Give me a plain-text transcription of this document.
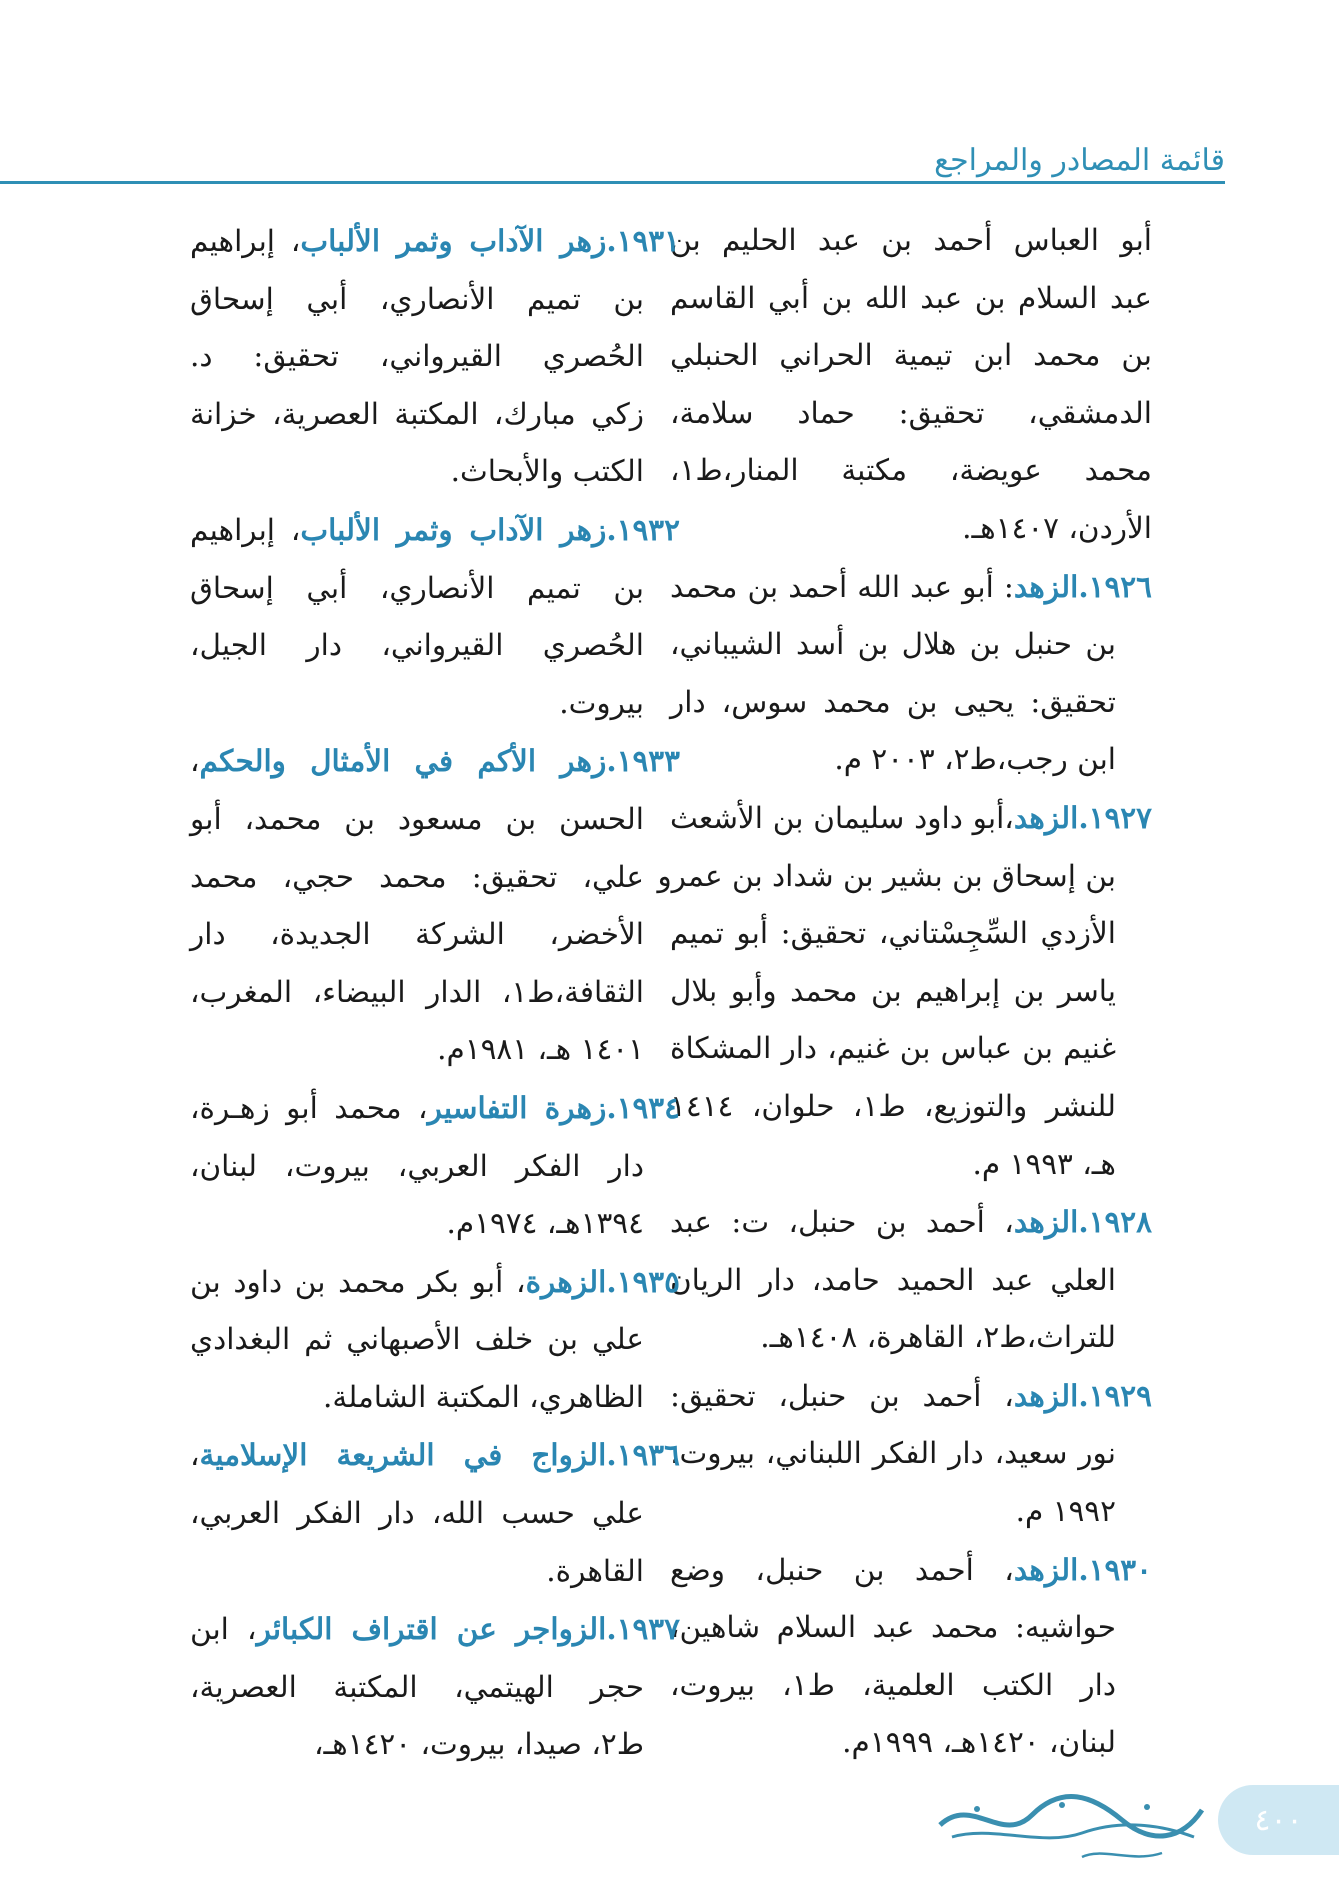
قائمة المصادر والمراجع
أبو العباس أحمد بن عبد الحليم بن
عبد السلام بن عبد الله بن أبي القاسم
بن محمد ابن تيمية الحراني الحنبلي
الدمشقي، تحقيق: حماد سلامة،
محمد عويضة، مكتبة المنار،ط١،
الأردن، ١٤٠٧هـ.
١٩٢٦.الزهد: أبو عبد الله أحمد بن محمد
بن حنبل بن هلال بن أسد الشيباني،
تحقيق: يحيى بن محمد سوس، دار
ابن رجب،ط٢، ٢٠٠٣ م.
١٩٢٧.الزهد،أبو داود سليمان بن الأشعث
بن إسحاق بن بشير بن شداد بن عمرو
الأزدي السِّجِسْتاني، تحقيق: أبو تميم
ياسر بن إبراهيم بن محمد وأبو بلال
غنيم بن عباس بن غنيم، دار المشكاة
للنشر والتوزيع، ط١، حلوان، ١٤١٤
هـ، ١٩٩٣ م.
١٩٢٨.الزهد، أحمد بن حنبل، ت: عبد
العلي عبد الحميد حامد، دار الريان
للتراث،ط٢، القاهرة، ١٤٠٨هـ.
١٩٢٩.الزهد، أحمد بن حنبل، تحقيق:
نور سعيد، دار الفكر اللبناني، بيروت،
١٩٩٢ م.
١٩٣٠.الزهد، أحمد بن حنبل، وضع
حواشيه: محمد عبد السلام شاهين،
دار الكتب العلمية، ط١، بيروت،
لبنان، ١٤٢٠هـ، ١٩٩٩م.
١٩٣١.زهر الآداب وثمر الألباب، إبراهيم
بن تميم الأنصاري، أبي إسحاق
الحُصري القيرواني، تحقيق: د.
زكي مبارك، المكتبة العصرية، خزانة
الكتب والأبحاث.
١٩٣٢.زهر الآداب وثمر الألباب، إبراهيم
بن تميم الأنصاري، أبي إسحاق
الحُصري القيرواني، دار الجيل،
بيروت.
١٩٣٣.زهر الأكم في الأمثال والحكم،
الحسن بن مسعود بن محمد، أبو
علي، تحقيق: محمد حجي، محمد
الأخضر، الشركة الجديدة، دار
الثقافة،ط١، الدار البيضاء، المغرب،
١٤٠١ هـ، ١٩٨١م.
١٩٣٤.زهرة التفاسير، محمد أبو زهـرة،
دار الفكر العربي، بيروت، لبنان،
١٣٩٤هـ، ١٩٧٤م.
١٩٣٥.الزهرة، أبو بكر محمد بن داود بن
علي بن خلف الأصبهاني ثم البغدادي
الظاهري، المكتبة الشاملة.
١٩٣٦.الزواج في الشريعة الإسلامية،
علي حسب الله، دار الفكر العربي،
القاهرة.
١٩٣٧.الزواجر عن اقتراف الكبائر، ابن
حجر الهيتمي، المكتبة العصرية،
ط٢، صيدا، بيروت، ١٤٢٠هـ،
٤٠٠
